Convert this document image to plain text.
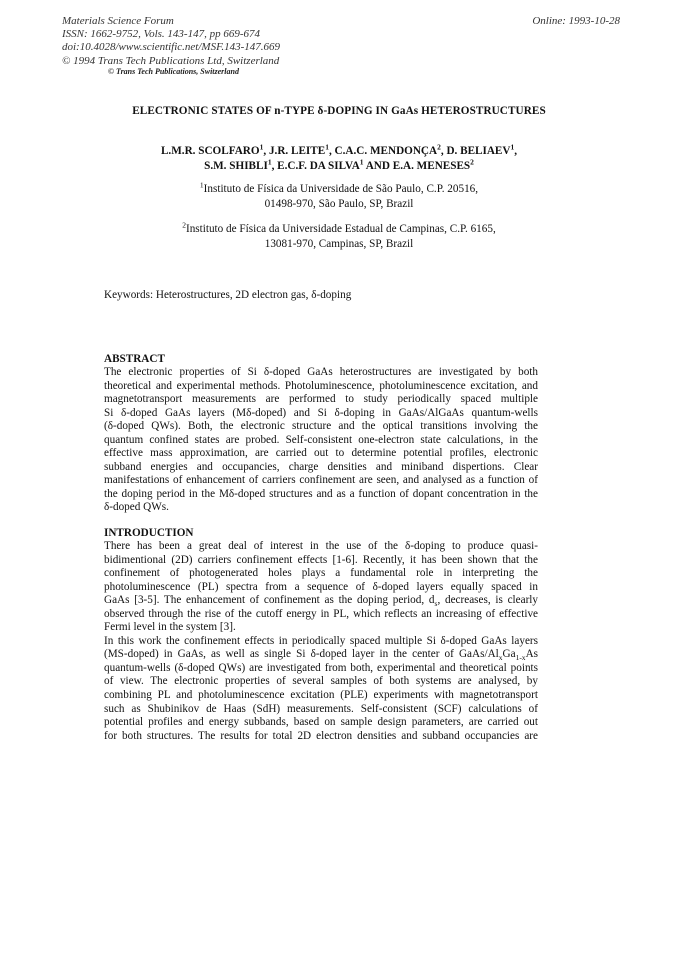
Materials Science Forum
ISSN: 1662-9752, Vols. 143-147, pp 669-674
doi:10.4028/www.scientific.net/MSF.143-147.669
© 1994 Trans Tech Publications Ltd, Switzerland
Online: 1993-10-28
© Trans Tech Publications, Switzerland
ELECTRONIC STATES OF n-TYPE δ-DOPING IN GaAs HETEROSTRUCTURES
L.M.R. SCOLFARO$^1$, J.R. LEITE$^1$, C.A.C. MENDONÇA$^2$, D. BELIAEV$^1$,
S.M. SHIBLI$^1$, E.C.F. DA SILVA$^1$ AND E.A. MENESES$^2$
$^1$Instituto de Física da Universidade de São Paulo, C.P. 20516,
01498-970, São Paulo, SP, Brazil
$^2$Instituto de Física da Universidade Estadual de Campinas, C.P. 6165,
13081-970, Campinas, SP, Brazil
Keywords: Heterostructures, 2D electron gas, δ-doping
ABSTRACT
The electronic properties of Si δ-doped GaAs heterostructures are investigated by both
theoretical and experimental methods. Photoluminescence, photoluminescence excitation, and
magnetotransport measurements are performed to study periodically spaced multiple
Si δ-doped GaAs layers (Mδ-doped) and Si δ-doping in GaAs/AlGaAs quantum-wells
(δ-doped QWs). Both, the electronic structure and the optical transitions involving the
quantum confined states are probed. Self-consistent one-electron state calculations, in the
effective mass approximation, are carried out to determine potential profiles, electronic
subband energies and occupancies, charge densities and miniband dispertions. Clear
manifestations of enhancement of carriers confinement are seen, and analysed as a function of
the doping period in the Mδ-doped structures and as a function of dopant concentration in the
δ-doped QWs.
INTRODUCTION
There has been a great deal of interest in the use of the δ-doping to produce quasi-
bidimentional (2D) carriers confinement effects [1-6]. Recently, it has been shown that the
confinement of photogenerated holes plays a fundamental role in interpreting the
photoluminescence (PL) spectra from a sequence of δ-doped layers equally spaced in
GaAs [3-5]. The enhancement of confinement as the doping period, $d_s$, decreases, is clearly
observed through the rise of the cutoff energy in PL, which reflects an increasing of effective
Fermi level in the system [3].
In this work the confinement effects in periodically spaced multiple Si δ-doped GaAs layers
(MS-doped) in GaAs, as well as single Si δ-doped layer in the center of GaAs/$Al_xGa_{1-x}As$
quantum-wells (δ-doped QWs) are investigated from both, experimental and theoretical points
of view. The electronic properties of several samples of both systems are analysed, by
combining PL and photoluminescence excitation (PLE) experiments with magnetotransport
such as Shubinikov de Haas (SdH) measurements. Self-consistent (SCF) calculations of
potential profiles and energy subbands, based on sample design parameters, are carried out
for both structures. The results for total 2D electron densities and subband occupancies are
